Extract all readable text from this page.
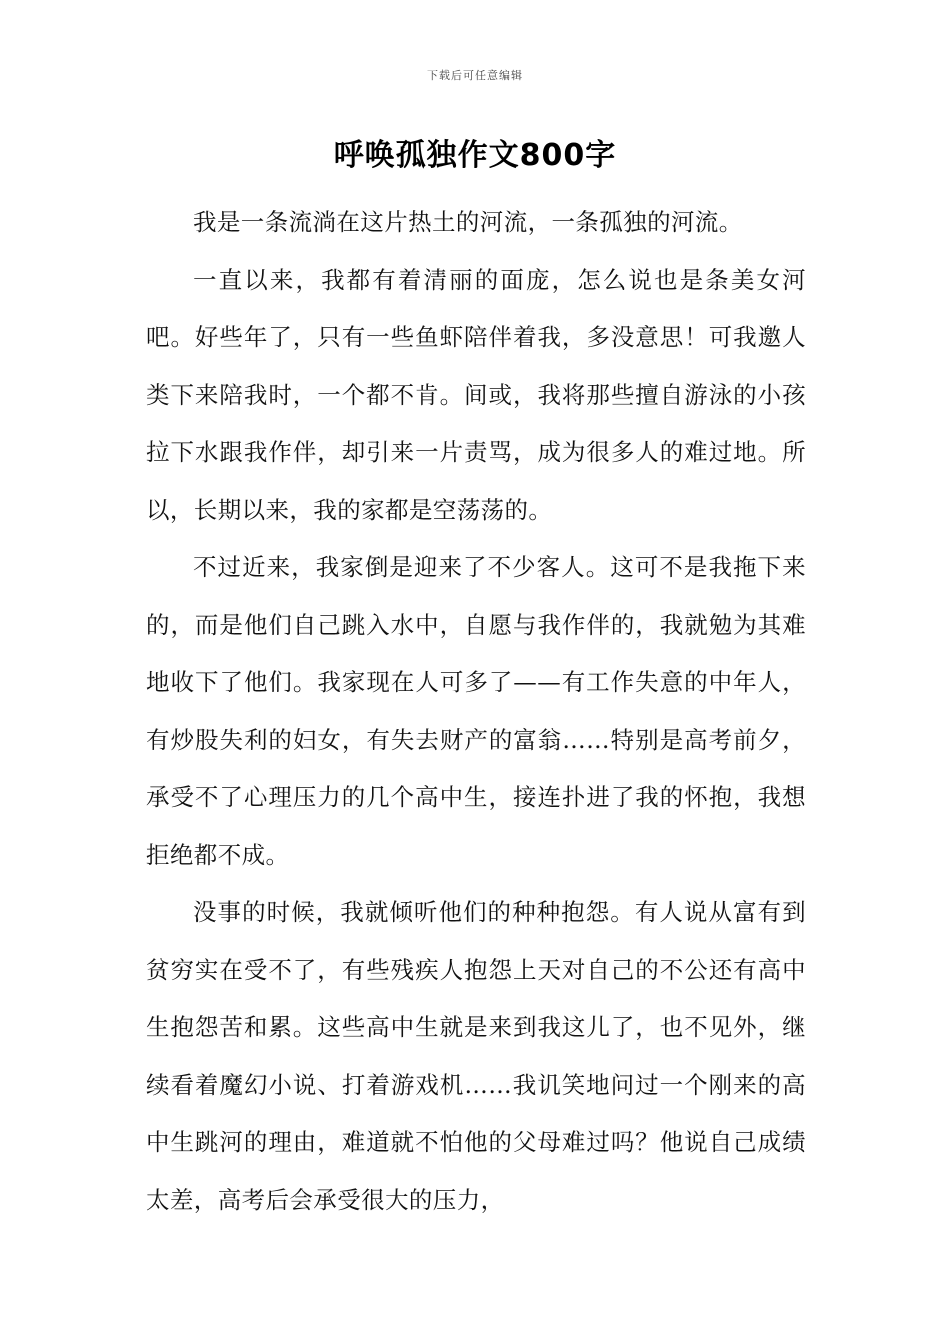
下载后可任意编辑
呼唤孤独作文800字

我是一条流淌在这片热土的河流，一条孤独的河流。

一直以来，我都有着清丽的面庞，怎么说也是条美女河吧。好些年了，只有一些鱼虾陪伴着我，多没意思！可我邀人类下来陪我时，一个都不肯。间或，我将那些擅自游泳的小孩拉下水跟我作伴，却引来一片责骂，成为很多人的难过地。所以，长期以来，我的家都是空荡荡的。

不过近来，我家倒是迎来了不少客人。这可不是我拖下来的，而是他们自己跳入水中，自愿与我作伴的，我就勉为其难地收下了他们。我家现在人可多了——有工作失意的中年人，有炒股失利的妇女，有失去财产的富翁……特别是高考前夕，承受不了心理压力的几个高中生，接连扑进了我的怀抱，我想拒绝都不成。

没事的时候，我就倾听他们的种种抱怨。有人说从富有到贫穷实在受不了，有些残疾人抱怨上天对自己的不公还有高中生抱怨苦和累。这些高中生就是来到我这儿了，也不见外，继续看着魔幻小说、打着游戏机……我讥笑地问过一个刚来的高中生跳河的理由，难道就不怕他的父母难过吗？他说自己成绩太差，高考后会承受很大的压力，
